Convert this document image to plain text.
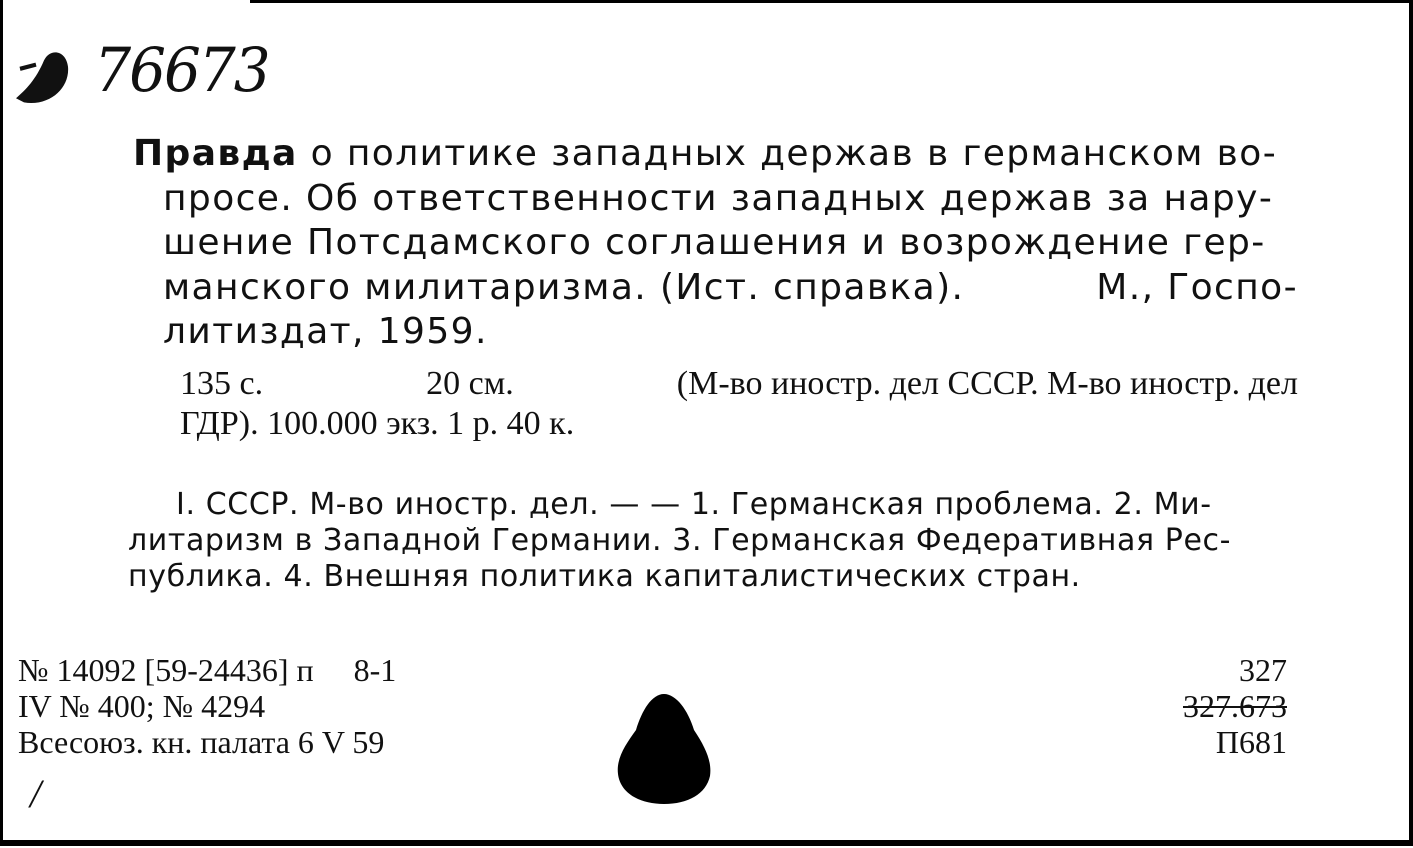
76673
Правда о политике западных держав в германском во-
просе. Об ответственности западных держав за нару-
шение Потсдамского соглашения и возрождение гер-
манского милитаризма. (Ист. справка).	М., Госпо-
литиздат, 1959.
135 с.	20 см.	(М-во иностр. дел СССР. М-во иностр. дел
ГДР). 100.000 экз. 1 р. 40 к.
I. СССР. М-во иностр. дел. — — 1. Германская проблема. 2. Ми-
литаризм в Западной Германии. 3. Германская Федеративная Рес-
публика. 4. Внешняя политика капиталистических стран.
№ 14092 [59-24436] п     8-1
IV № 400; № 4294
Всесоюз. кн. палата 6 V 59
327
327.673
П681
/
